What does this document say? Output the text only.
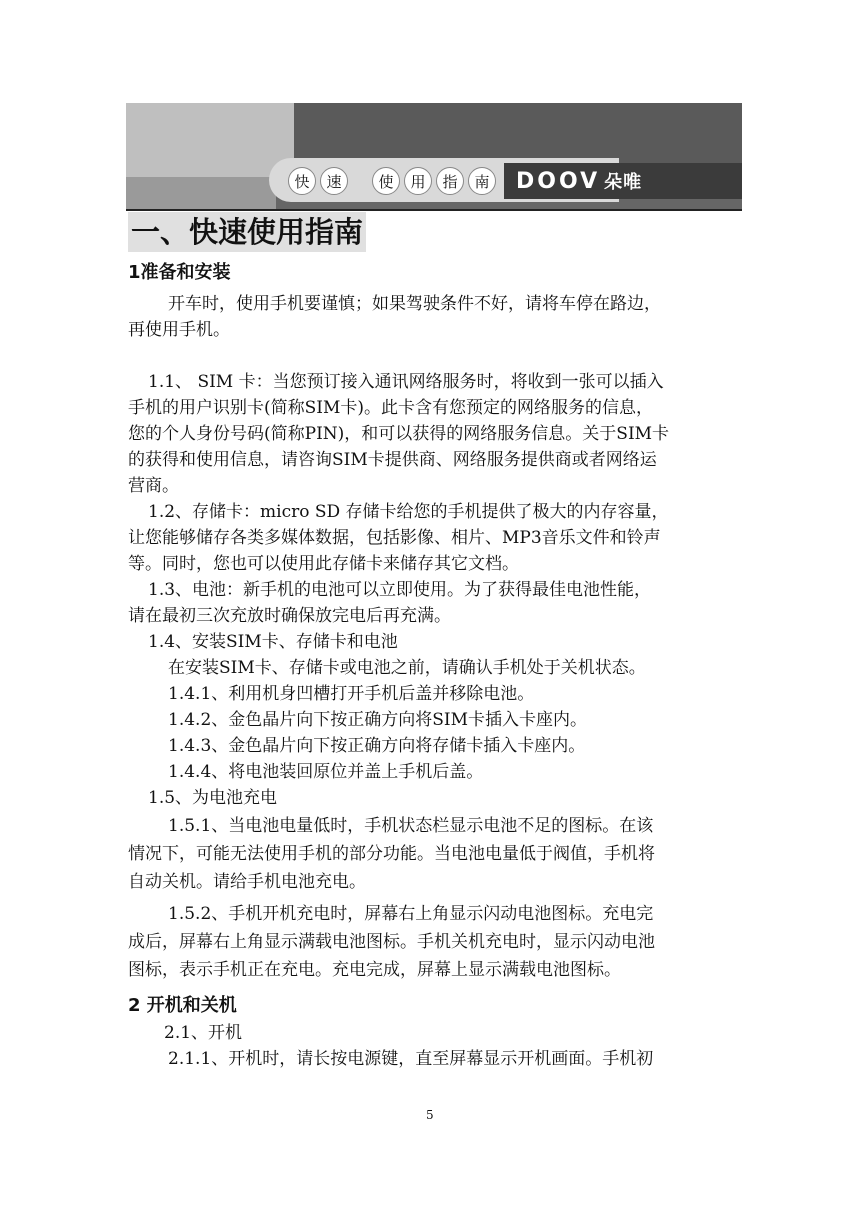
快	速	使	用	指	南 DOOV 朵唯
一、快速使用指南
1准备和安装
开车时，使用手机要谨慎；如果驾驶条件不好，请将车停在路边，
再使用手机。
1.1、 SIM 卡：当您预订接入通讯网络服务时，将收到一张可以插入
手机的用户识别卡(简称SIM卡)。此卡含有您预定的网络服务的信息，
您的个人身份号码(简称PIN)，和可以获得的网络服务信息。关于SIM卡
的获得和使用信息，请咨询SIM卡提供商、网络服务提供商或者网络运
营商。
1.2、存储卡：micro SD 存储卡给您的手机提供了极大的内存容量，
让您能够储存各类多媒体数据，包括影像、相片、MP3音乐文件和铃声
等。同时，您也可以使用此存储卡来储存其它文档。
1.3、电池：新手机的电池可以立即使用。为了获得最佳电池性能，
请在最初三次充放时确保放完电后再充满。
1.4、安装SIM卡、存储卡和电池
在安装SIM卡、存储卡或电池之前，请确认手机处于关机状态。
1.4.1、利用机身凹槽打开手机后盖并移除电池。
1.4.2、金色晶片向下按正确方向将SIM卡插入卡座内。
1.4.3、金色晶片向下按正确方向将存储卡插入卡座内。
1.4.4、将电池装回原位并盖上手机后盖。
1.5、为电池充电
1.5.1、当电池电量低时，手机状态栏显示电池不足的图标。在该
情况下，可能无法使用手机的部分功能。当电池电量低于阀值，手机将
自动关机。请给手机电池充电。
1.5.2、手机开机充电时，屏幕右上角显示闪动电池图标。充电完
成后，屏幕右上角显示满载电池图标。手机关机充电时，显示闪动电池
图标，表示手机正在充电。充电完成，屏幕上显示满载电池图标。
2 开机和关机
2.1、开机
2.1.1、开机时，请长按电源键，直至屏幕显示开机画面。手机初
5
